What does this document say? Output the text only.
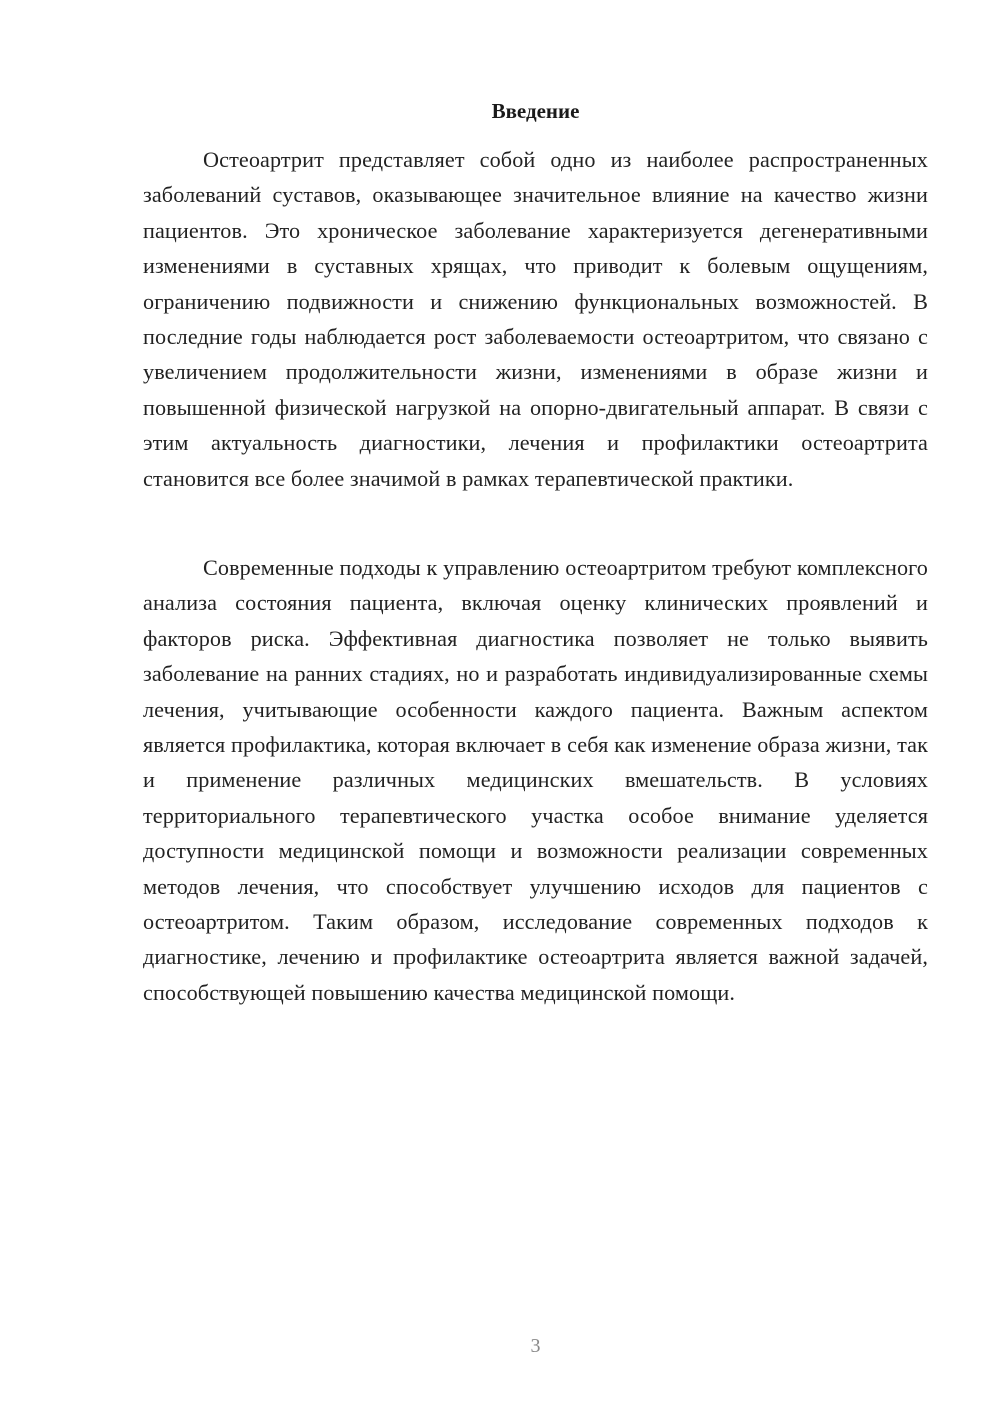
Введение

Остеоартрит представляет собой одно из наиболее распространенных заболеваний суставов, оказывающее значительное влияние на качество жизни пациентов. Это хроническое заболевание характеризуется дегенеративными изменениями в суставных хрящах, что приводит к болевым ощущениям, ограничению подвижности и снижению функциональных возможностей. В последние годы наблюдается рост заболеваемости остеоартритом, что связано с увеличением продолжительности жизни, изменениями в образе жизни и повышенной физической нагрузкой на опорно-двигательный аппарат. В связи с этим актуальность диагностики, лечения и профилактики остеоартрита становится все более значимой в рамках терапевтической практики.

Современные подходы к управлению остеоартритом требуют комплексного анализа состояния пациента, включая оценку клинических проявлений и факторов риска. Эффективная диагностика позволяет не только выявить заболевание на ранних стадиях, но и разработать индивидуализированные схемы лечения, учитывающие особенности каждого пациента. Важным аспектом является профилактика, которая включает в себя как изменение образа жизни, так и применение различных медицинских вмешательств. В условиях территориального терапевтического участка особое внимание уделяется доступности медицинской помощи и возможности реализации современных методов лечения, что способствует улучшению исходов для пациентов с остеоартритом. Таким образом, исследование современных подходов к диагностике, лечению и профилактике остеоартрита является важной задачей, способствующей повышению качества медицинской помощи.

3
